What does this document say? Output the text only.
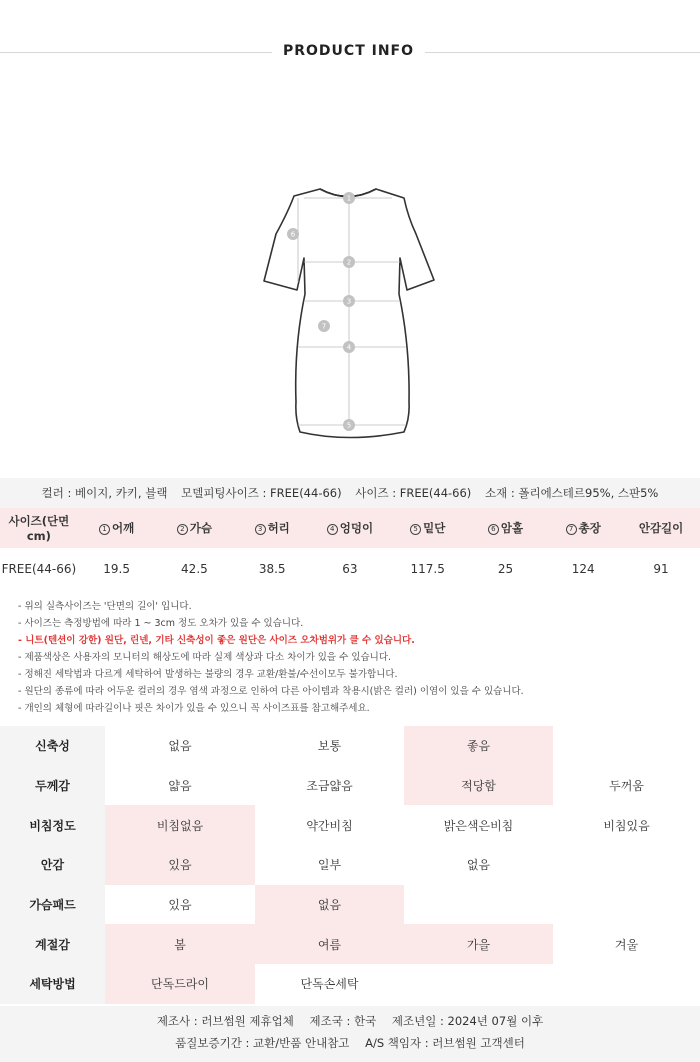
PRODUCT INFO
1
2
3
4
5
6
7
컬러 : 베이지, 카키, 블랙 모델피팅사이즈 : FREE(44-66) 사이즈 : FREE(44-66) 소재 : 폴리에스테르95%, 스판5%
사이즈(단면cm)	1 어깨	2 가슴	3 허리	4 엉덩이	5 밑단	6 암홀	7 총장	안감길이
FREE(44-66)	19.5	42.5	38.5	63	117.5	25	124	91
- 위의 실측사이즈는 '단면의 길이' 입니다.
- 사이즈는 측정방법에 따라 1 ~ 3cm 정도 오차가 있을 수 있습니다.
- 니트(텐션이 강한) 원단, 린넨, 기타 신축성이 좋은 원단은 사이즈 오차범위가 클 수 있습니다.
- 제품색상은 사용자의 모니터의 해상도에 따라 실제 색상과 다소 차이가 있을 수 있습니다.
- 정해진 세탁법과 다르게 세탁하여 발생하는 불량의 경우 교환/환불/수선이모두 불가합니다.
- 원단의 종류에 따라 어두운 컬러의 경우 염색 과정으로 인하여 다른 아이템과 착용시(밝은 컬러) 이염이 있을 수 있습니다.
- 개인의 체형에 따라길이나 핏은 차이가 있을 수 있으니 꼭 사이즈표를 참고해주세요.
신축성	없음	보통	좋음	
두께감	얇음	조금얇음	적당함	두꺼움
비침정도	비침없음	약간비침	밝은색은비침	비침있음
안감	있음	일부	없음	
가슴패드	있음	없음		
계절감	봄	여름	가을	겨울
세탁방법	단독드라이	단독손세탁		
제조사 : 러브썸원 제휴업체 제조국 : 한국 제조년일 : 2024년 07월 이후
품질보증기간 : 교환/반품 안내참고 A/S 책임자 : 러브썸원 고객센터
